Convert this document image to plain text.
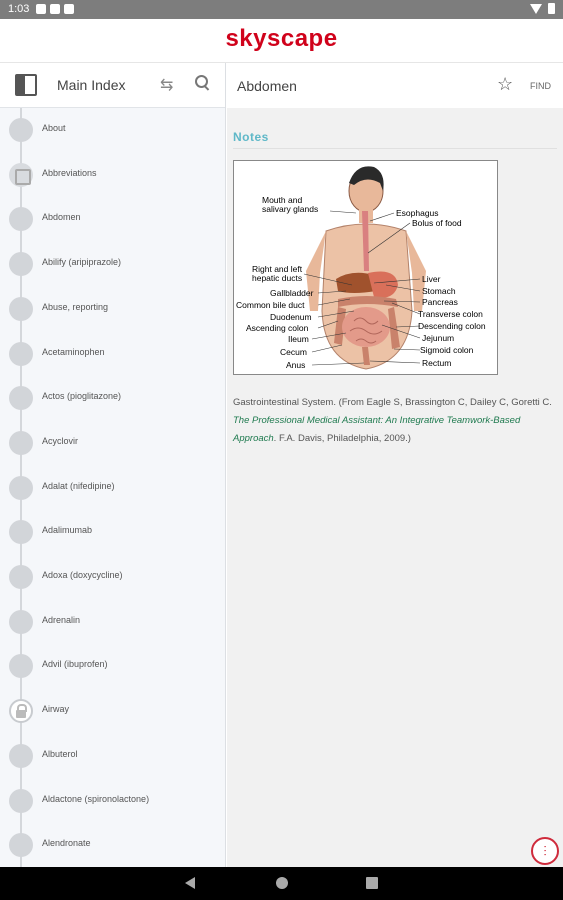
1:03
skyscape
Main Index ⇆
About
Abbreviations
Abdomen
Abilify (aripiprazole)
Abuse, reporting
Acetaminophen
Actos (pioglitazone)
Acyclovir
Adalat (nifedipine)
Adalimumab
Adoxa (doxycycline)
Adrenalin
Advil (ibuprofen)
Airway
Albuterol
Aldactone (spironolactone)
Alendronate
Abdomen	☆ FIND
Notes
Mouth and
salivary glands	Esophagus
Bolus of food
Right and left
hepatic ducts
Gallbladder
Common bile duct
Duodenum
Ascending colon
Ileum
Cecum
Anus
Liver
Stomach
Pancreas
Transverse colon
Descending colon
Jejunum
Sigmoid colon
Rectum
Gastrointestinal System. (From Eagle S, Brassington C, Dailey C, Goretti C. The Professional Medical Assistant: An Integrative Teamwork-Based Approach. F.A. Davis, Philadelphia, 2009.)
⫶
